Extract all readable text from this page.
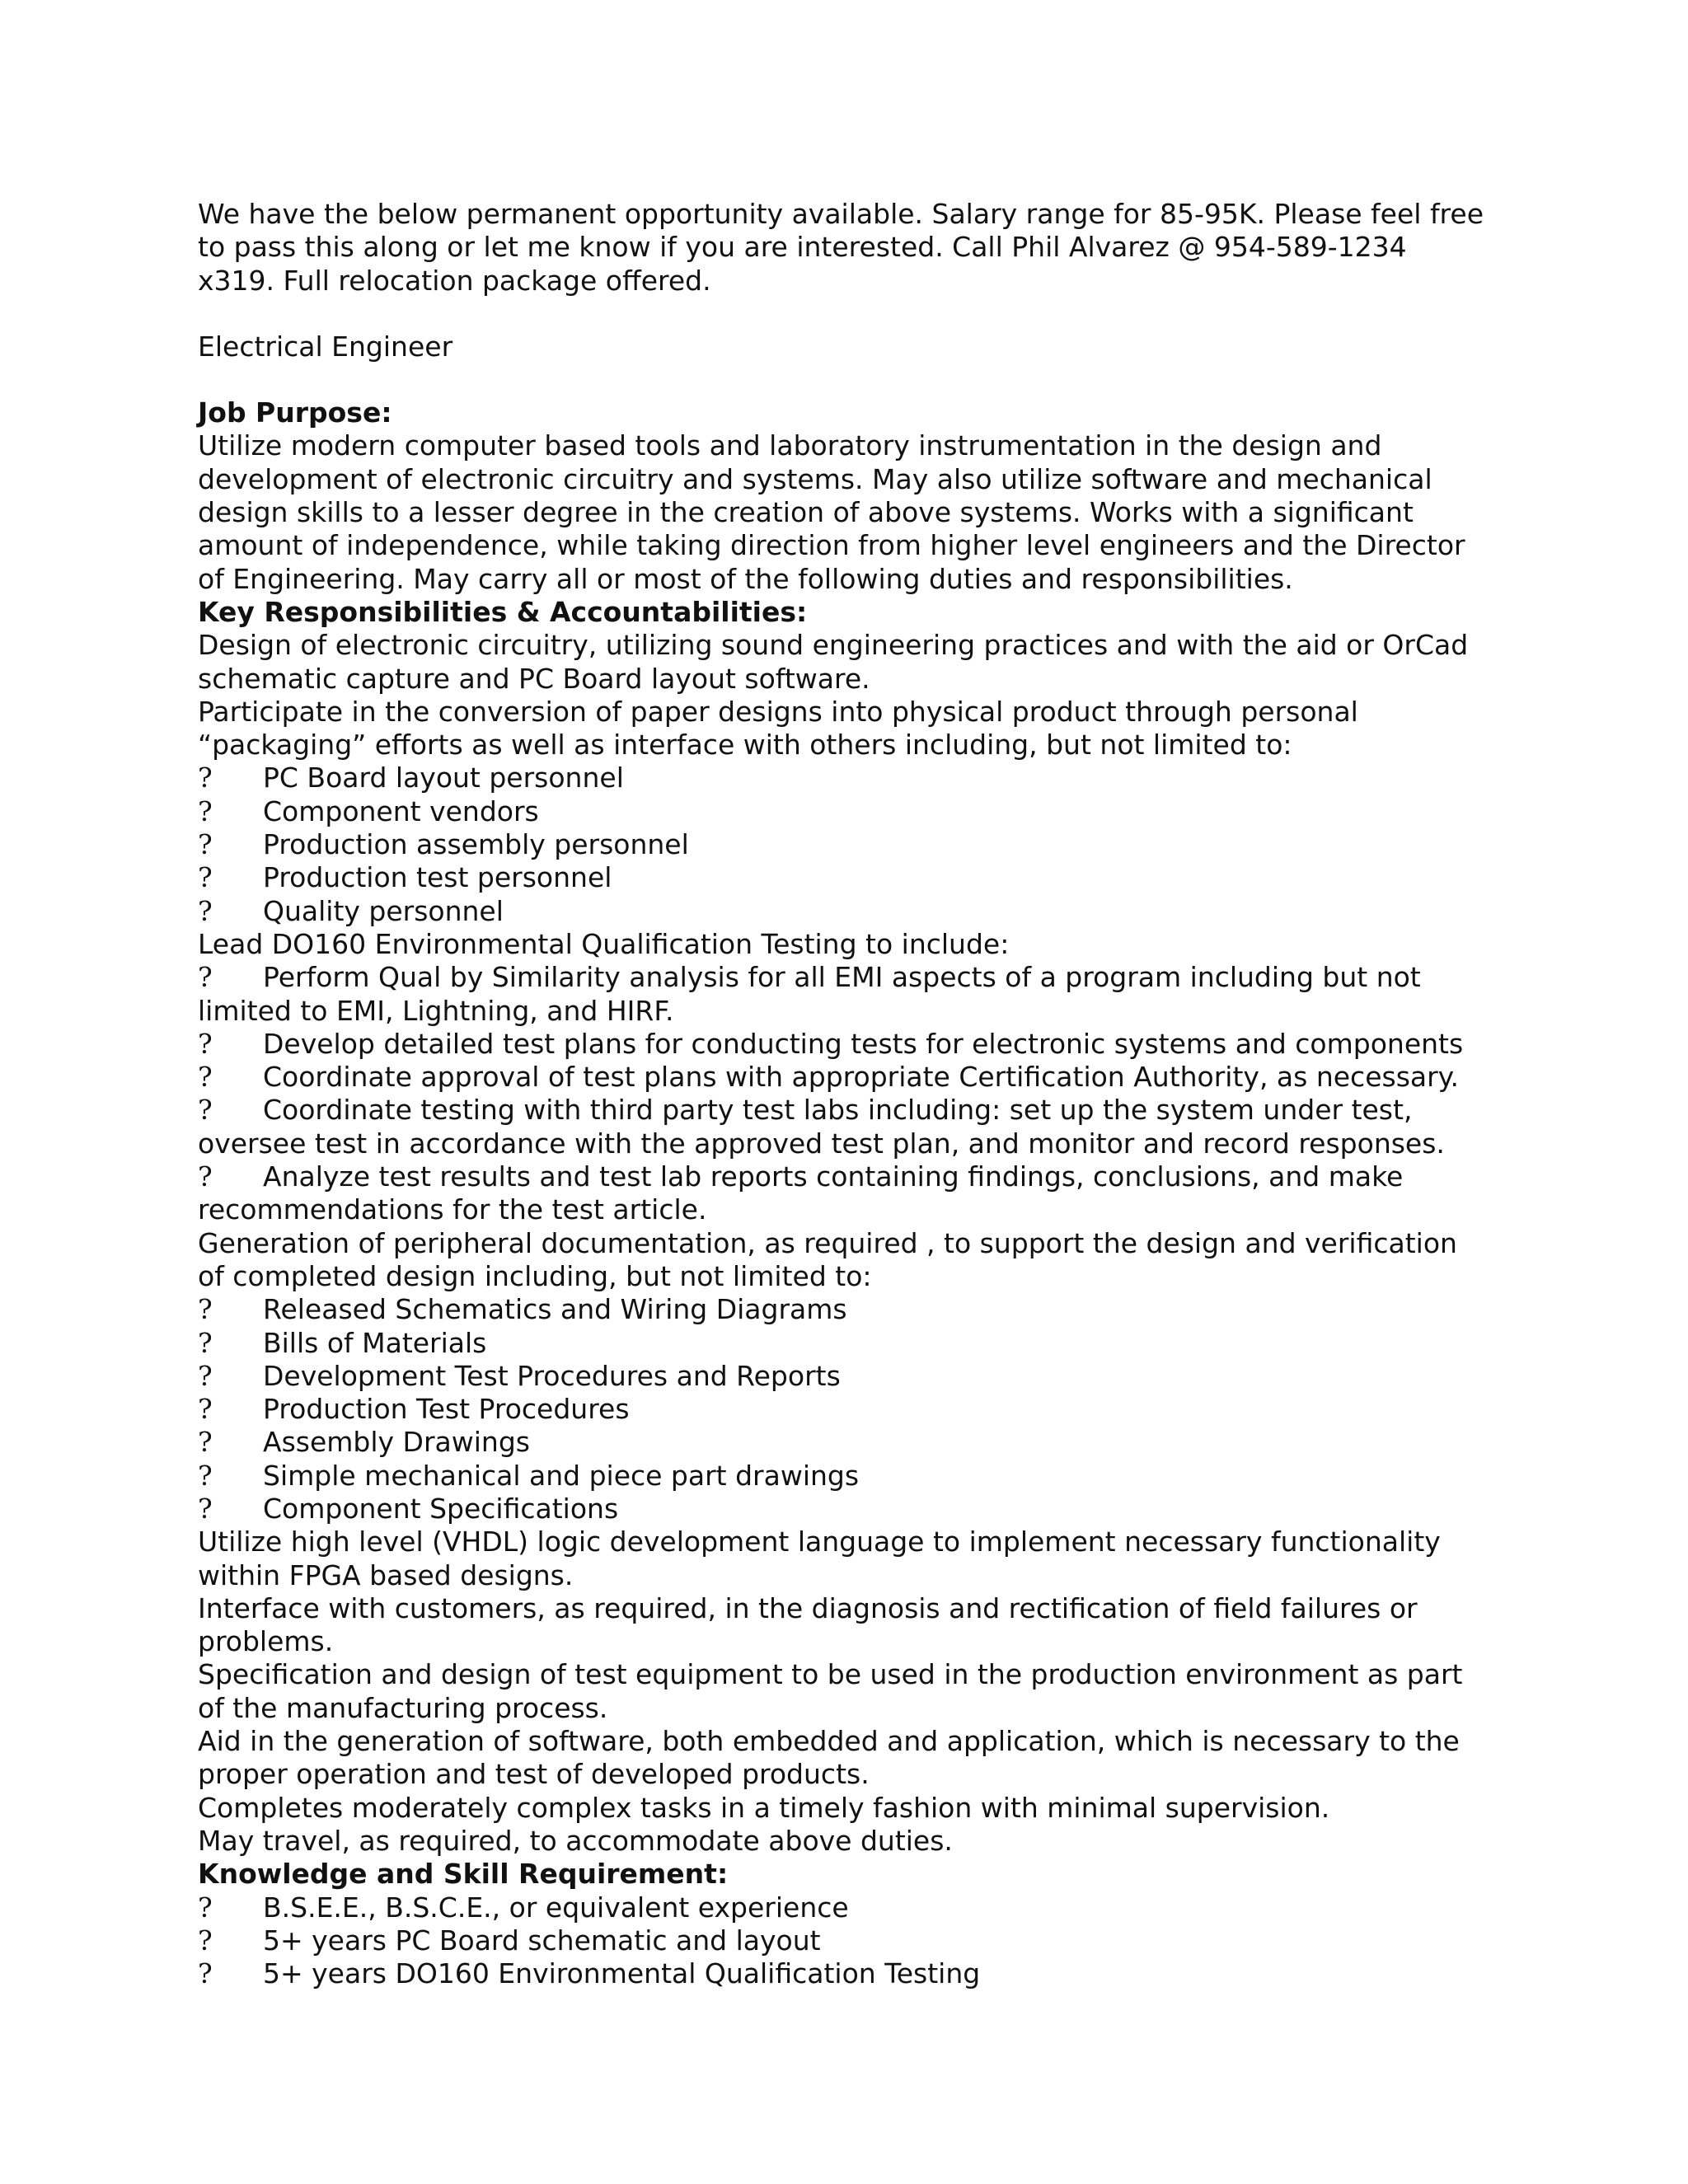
We have the below permanent opportunity available. Salary range for 85-95K. Please feel free to pass this along or let me know if you are interested. Call Phil Alvarez @ 954-589-1234 x319. Full relocation package offered.

Electrical Engineer

Job Purpose:

Utilize modern computer based tools and laboratory instrumentation in the design and development of electronic circuitry and systems. May also utilize software and mechanical design skills to a lesser degree in the creation of above systems. Works with a significant amount of independence, while taking direction from higher level engineers and the Director of Engineering. May carry all or most of the following duties and responsibilities.

Key Responsibilities & Accountabilities:

Design of electronic circuitry, utilizing sound engineering practices and with the aid or OrCad schematic capture and PC Board layout software.

Participate in the conversion of paper designs into physical product through personal “packaging” efforts as well as interface with others including, but not limited to:

?	PC Board layout personnel
?	Component vendors
?	Production assembly personnel
?	Production test personnel
?	Quality personnel

Lead DO160 Environmental Qualification Testing to include:

? Perform Qual by Similarity analysis for all EMI aspects of a program including but not limited to EMI, Lightning, and HIRF.

?	Develop detailed test plans for conducting tests for electronic systems and components
?	Coordinate approval of test plans with appropriate Certification Authority, as necessary.

? Coordinate testing with third party test labs including: set up the system under test, oversee test in accordance with the approved test plan, and monitor and record responses.

? Analyze test results and test lab reports containing findings, conclusions, and make recommendations for the test article.

Generation of peripheral documentation, as required , to support the design and verification of completed design including, but not limited to:

?	Released Schematics and Wiring Diagrams
?	Bills of Materials
?	Development Test Procedures and Reports
?	Production Test Procedures
?	Assembly Drawings
?	Simple mechanical and piece part drawings
?	Component Specifications

Utilize high level (VHDL) logic development language to implement necessary functionality within FPGA based designs.

Interface with customers, as required, in the diagnosis and rectification of field failures or problems.

Specification and design of test equipment to be used in the production environment as part of the manufacturing process.

Aid in the generation of software, both embedded and application, which is necessary to the proper operation and test of developed products.

Completes moderately complex tasks in a timely fashion with minimal supervision.

May travel, as required, to accommodate above duties.

Knowledge and Skill Requirement:

?	B.S.E.E., B.S.C.E., or equivalent experience
?	5+ years PC Board schematic and layout
?	5+ years DO160 Environmental Qualification Testing
